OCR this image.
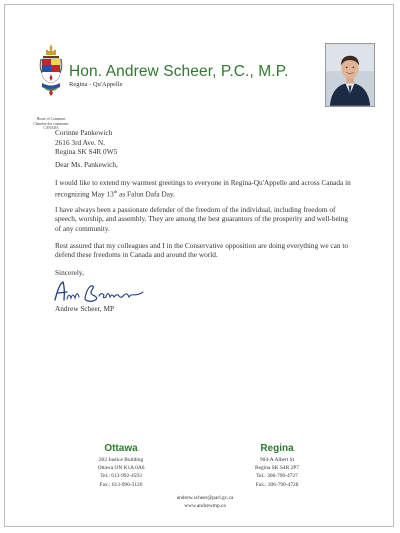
House of Commons
Chambre des communes
CANADA
Hon. Andrew Scheer, P.C., M.P.
Regina - Qu'Appelle
Corinne Pankewich
2616 3rd Ave. N.
Regina SK S4R 0W5
Dear Ms. Pankewich,
I would like to extend my warmest greetings to everyone in Regina-Qu'Appelle and across Canada in recognizing May 13th as Falun Dafa Day.
I have always been a passionate defender of the freedom of the individual, including freedom of speech, worship, and assembly. They are among the best guarantors of the prosperity and well-being of any community.
Rest assured that my colleagues and I in the Conservative opposition are doing everything we can to defend these freedoms in Canada and around the world.
Sincerely,
Andrew Scheer, MP
Ottawa
202 Justice Building
Ottawa ON K1A 0A6
Tel.: 613-992-4593
Fax.: 613-996-3120
Regina
904-A Albert St
Regina SK S4R 2P7
Tel.: 306-790-4727
Fax.: 306-790-4728
andrew.scheer@parl.gc.ca
www.andrewmp.ca
